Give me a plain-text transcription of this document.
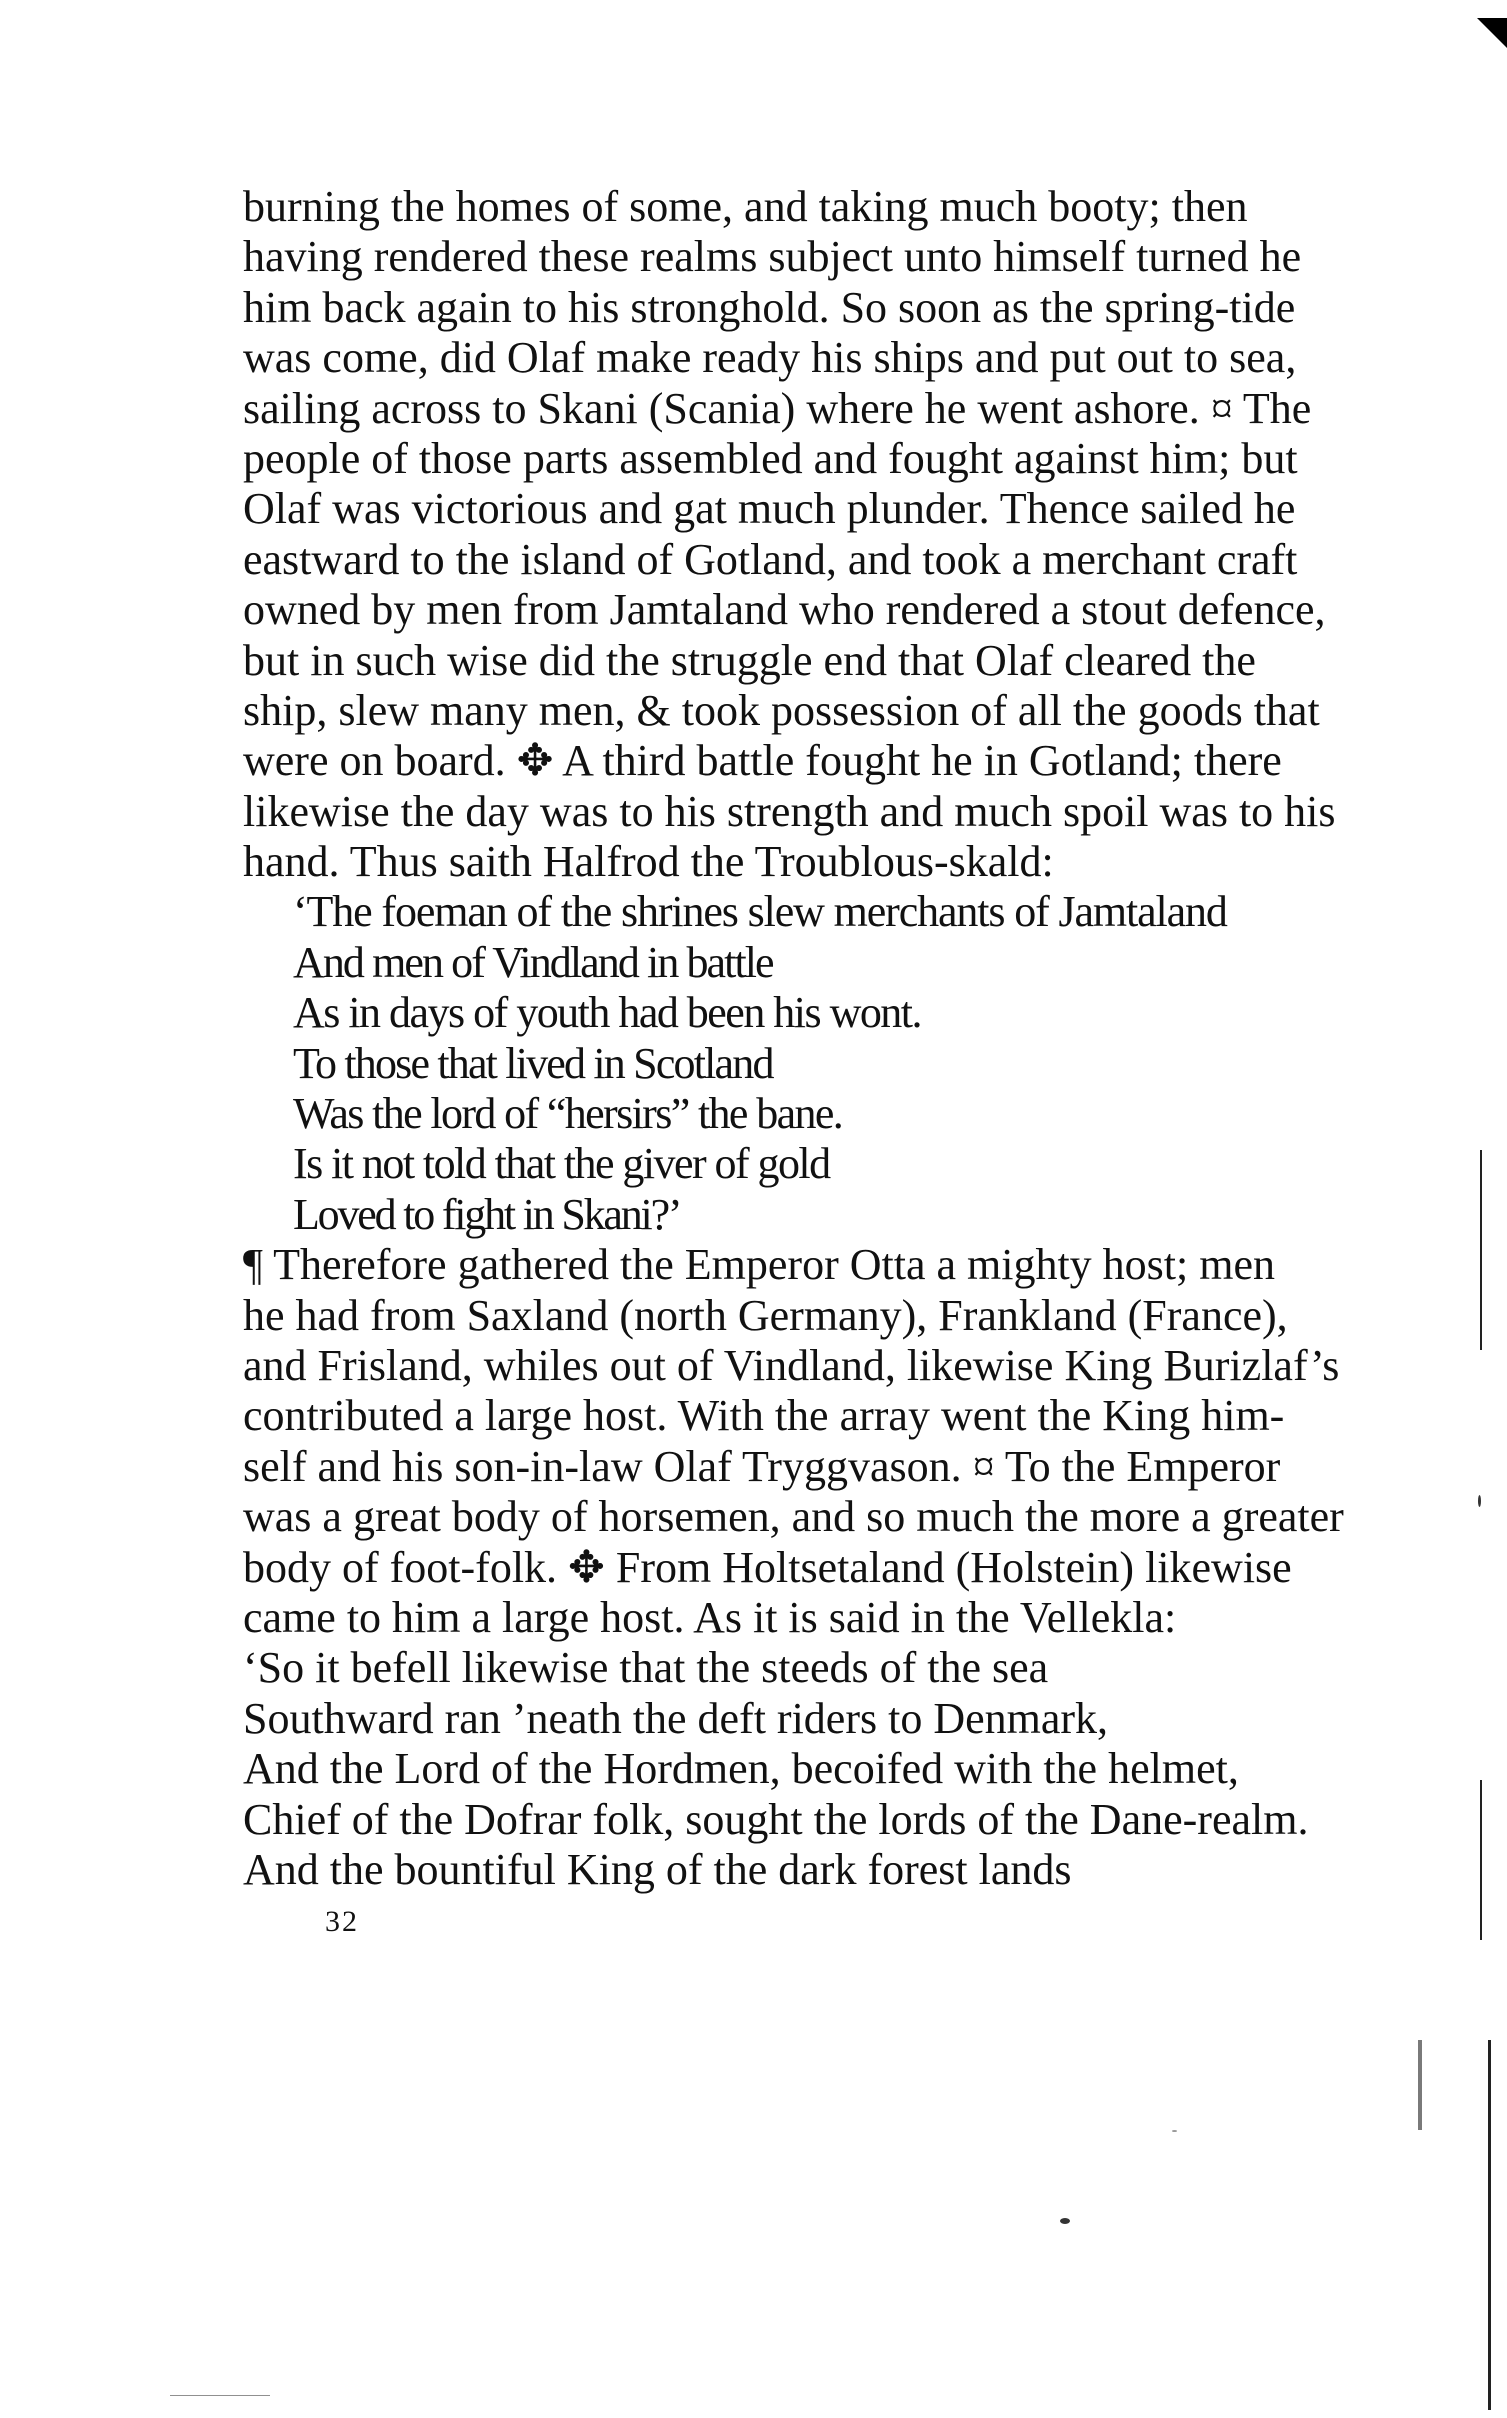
burning the homes of some, and taking much booty; then
having rendered these realms subject unto himself turned he
him back again to his stronghold. So soon as the spring-tide
was come, did Olaf make ready his ships and put out to sea,
sailing across to Skani (Scania) where he went ashore. ¤ The
people of those parts assembled and fought against him; but
Olaf was victorious and gat much plunder. Thence sailed he
eastward to the island of Gotland, and took a merchant craft
owned by men from Jamtaland who rendered a stout defence,
but in such wise did the struggle end that Olaf cleared the
ship, slew many men, & took possession of all the goods that
were on board. ✥ A third battle fought he in Gotland; there
likewise the day was to his strength and much spoil was to his
hand. Thus saith Halfrod the Troublous-skald:
‘The foeman of the shrines slew merchants of Jamtaland
And men of Vindland in battle
As in days of youth had been his wont.
To those that lived in Scotland
Was the lord of “hersirs” the bane.
Is it not told that the giver of gold
Loved to fight in Skani?’
¶ Therefore gathered the Emperor Otta a mighty host; men
he had from Saxland (north Germany), Frankland (France),
and Frisland, whiles out of Vindland, likewise King Burizlaf’s
contributed a large host. With the array went the King him-
self and his son-in-law Olaf Tryggvason. ¤ To the Emperor
was a great body of horsemen, and so much the more a greater
body of foot-folk. ✥ From Holtsetaland (Holstein) likewise
came to him a large host. As it is said in the Vellekla:
‘So it befell likewise that the steeds of the sea
Southward ran ’neath the deft riders to Denmark,
And the Lord of the Hordmen, becoifed with the helmet,
Chief of the Dofrar folk, sought the lords of the Dane-realm.
And the bountiful King of the dark forest lands
32
